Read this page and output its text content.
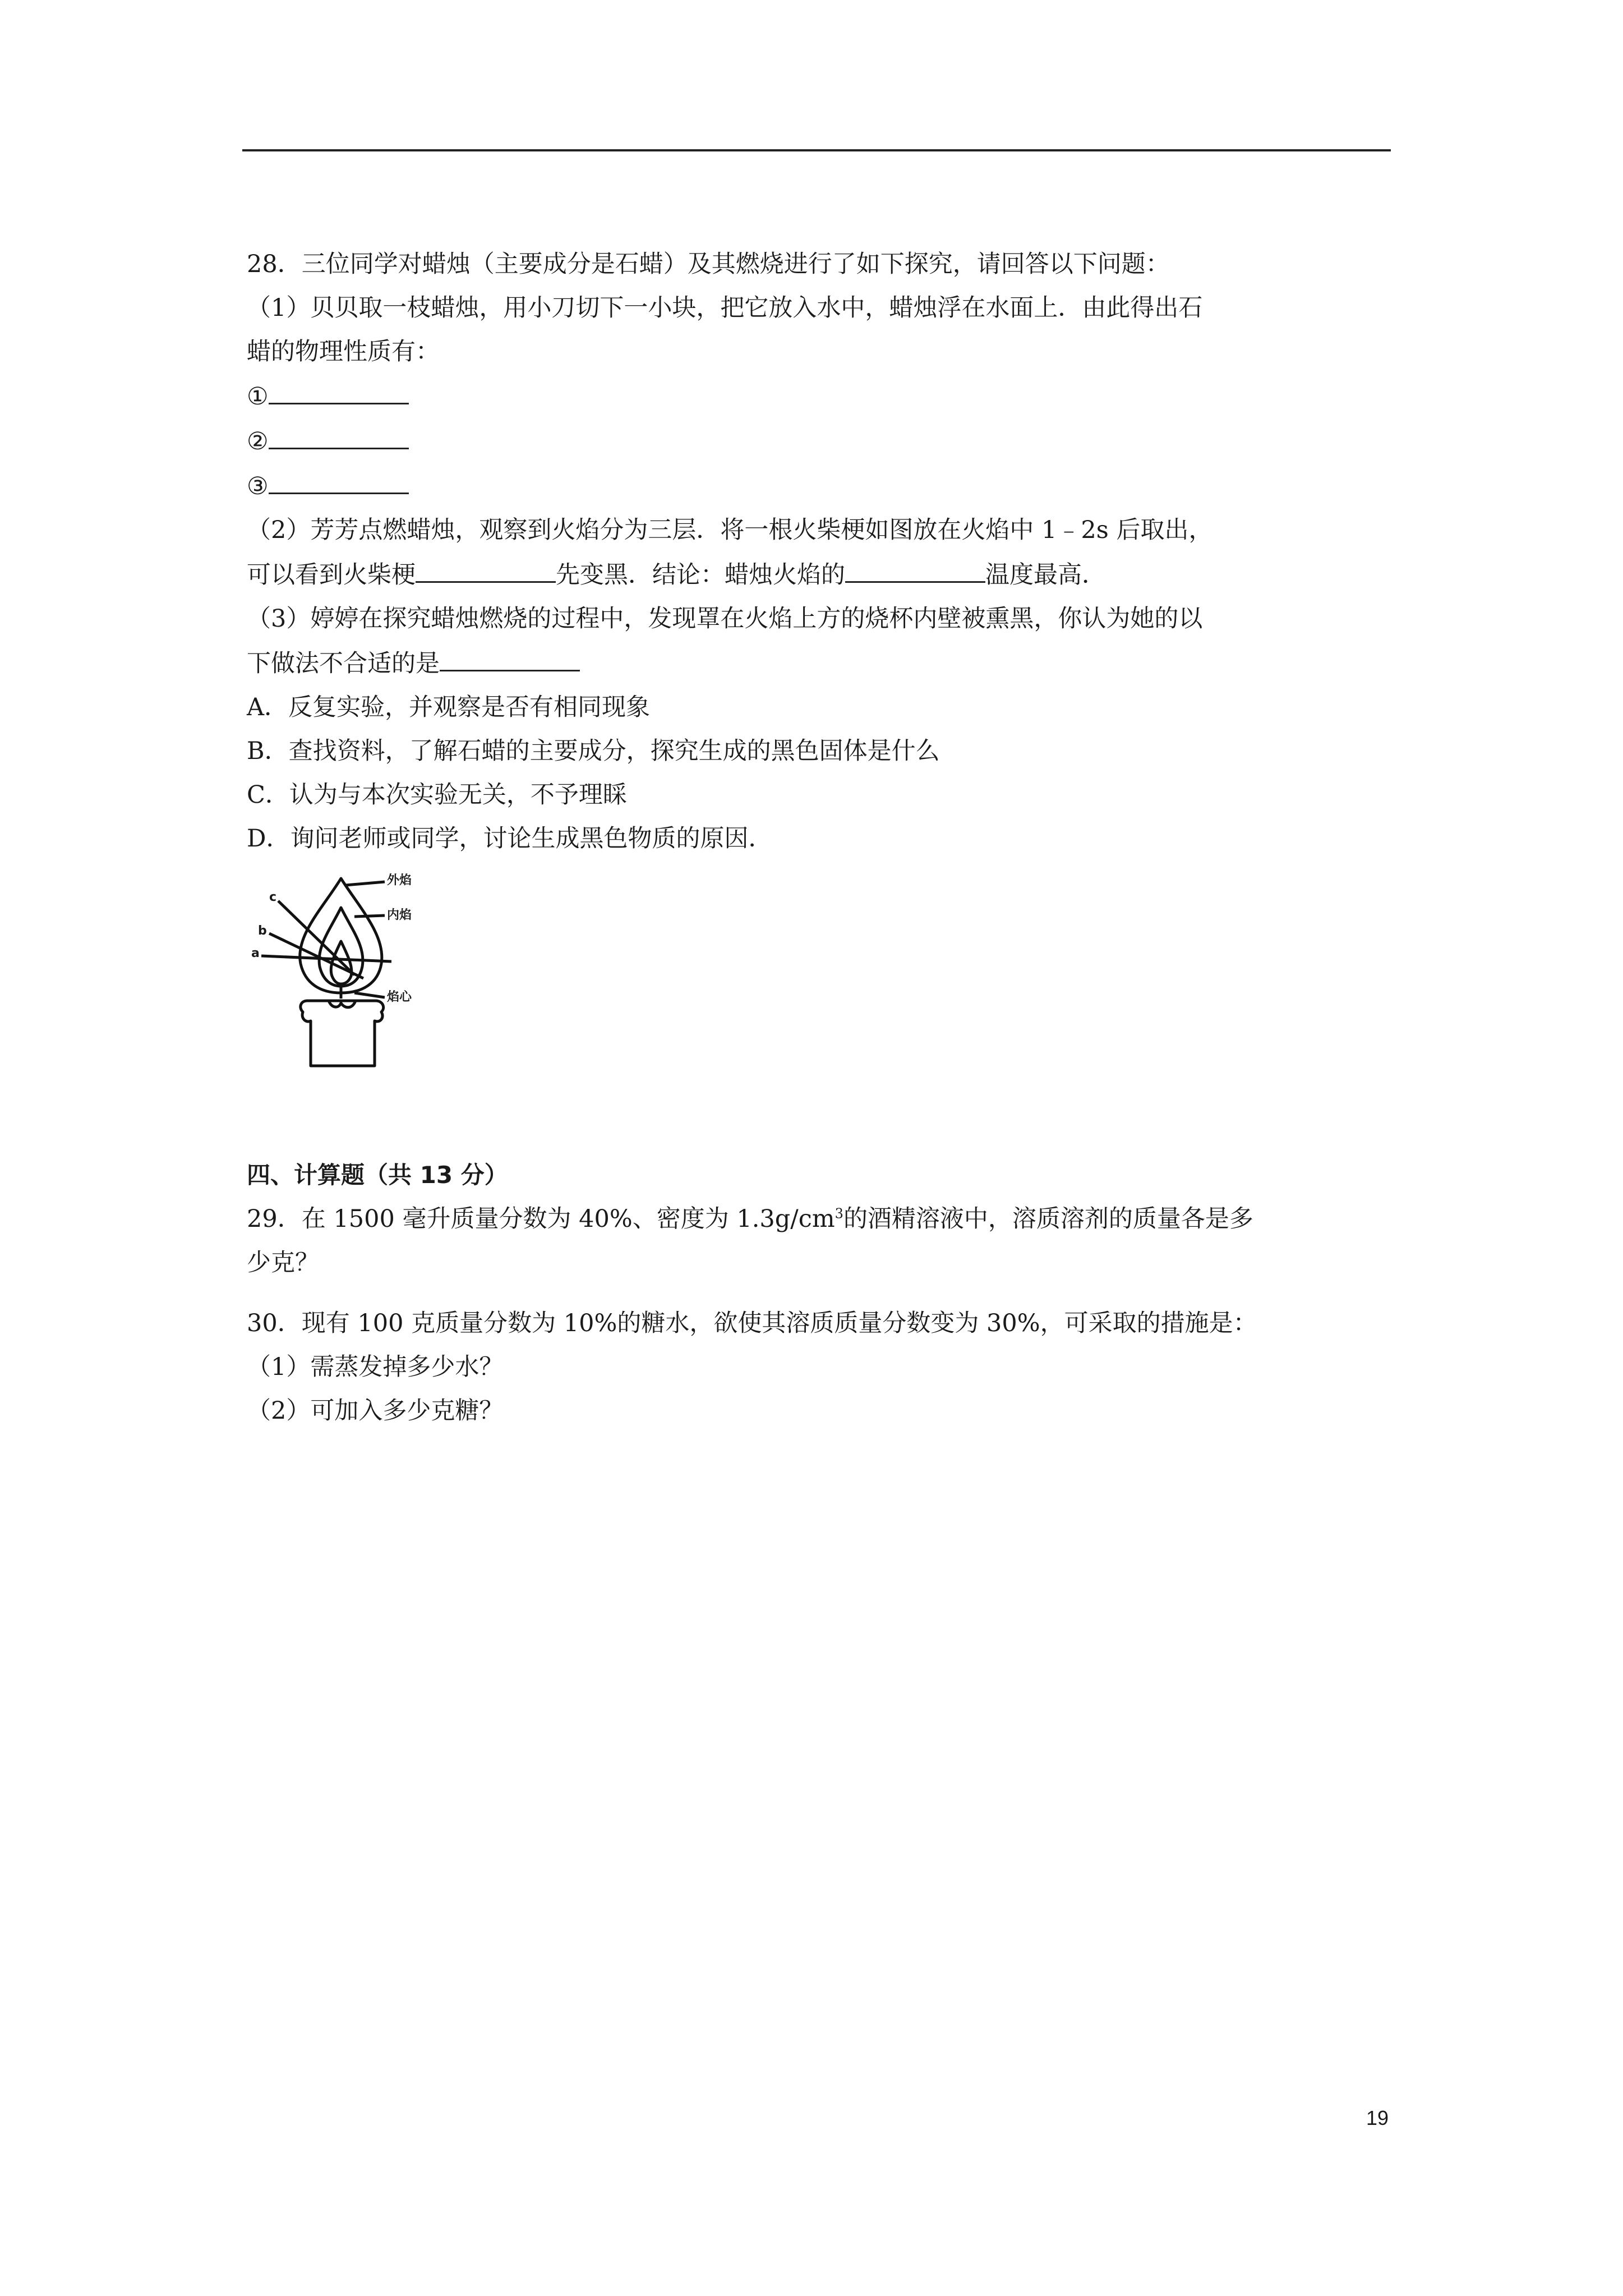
28．三位同学对蜡烛（主要成分是石蜡）及其燃烧进行了如下探究，请回答以下问题：
（1）贝贝取一枝蜡烛，用小刀切下一小块，把它放入水中，蜡烛浮在水面上．由此得出石
蜡的物理性质有：
①
②
③
（2）芳芳点燃蜡烛，观察到火焰分为三层．将一根火柴梗如图放在火焰中 1﹣2s 后取出，
可以看到火柴梗	先变黑．结论：蜡烛火焰的	温度最高．
（3）婷婷在探究蜡烛燃烧的过程中，发现罩在火焰上方的烧杯内壁被熏黑，你认为她的以
下做法不合适的是
A．反复实验，并观察是否有相同现象
B．查找资料，了解石蜡的主要成分，探究生成的黑色固体是什么
C．认为与本次实验无关，不予理睬
D．询问老师或同学，讨论生成黑色物质的原因．
外焰
内焰
焰心
a
b
c
四、计算题（共 13 分）
29．在 1500 毫升质量分数为 40%、密度为 $1.3g/cm^3$的酒精溶液中，溶质溶剂的质量各是多
少克？
30．现有 100 克质量分数为 10%的糖水，欲使其溶质质量分数变为 30%，可采取的措施是：
（1）需蒸发掉多少水？
（2）可加入多少克糖？
19
